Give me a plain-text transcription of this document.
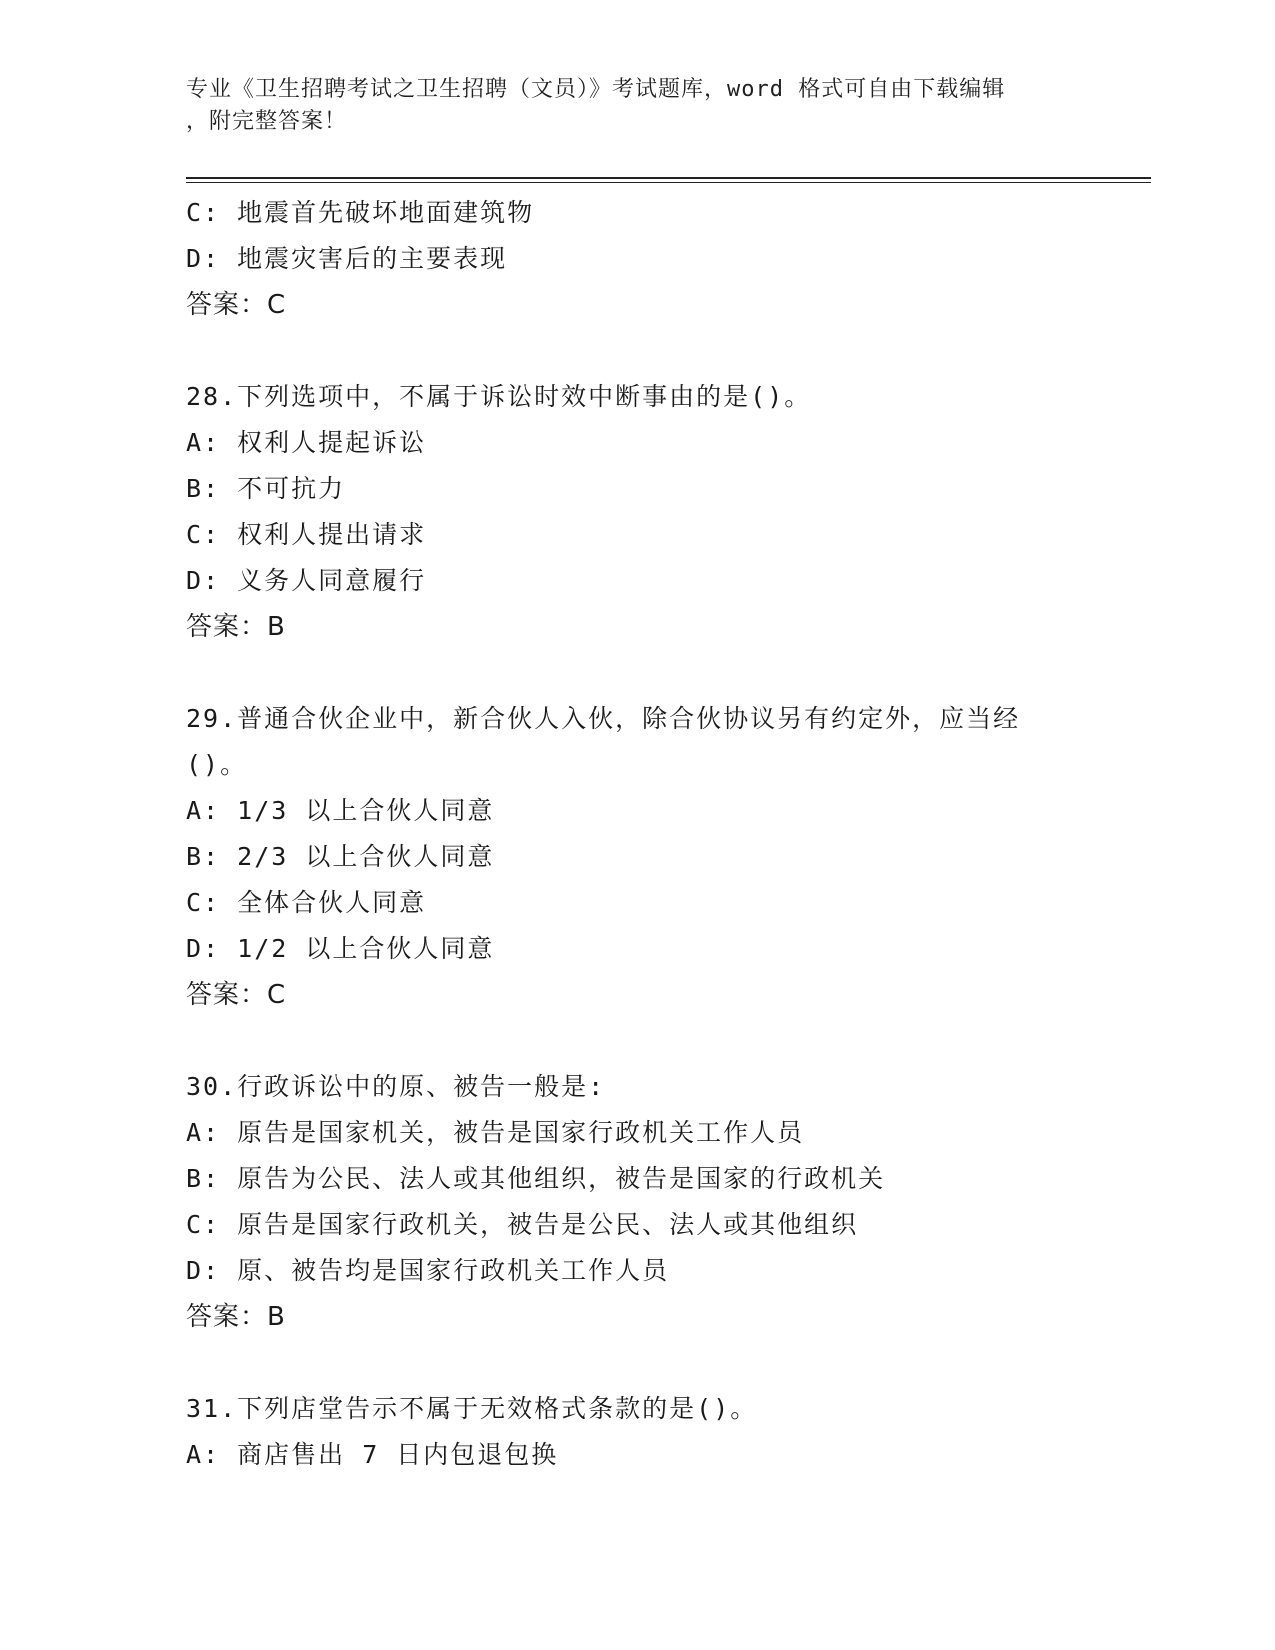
专业《卫生招聘考试之卫生招聘（文员）》考试题库，word 格式可自由下载编辑
，附完整答案！
C: 地震首先破坏地面建筑物
D: 地震灾害后的主要表现
答案：C
28.下列选项中，不属于诉讼时效中断事由的是()。
A: 权利人提起诉讼
B: 不可抗力
C: 权利人提出请求
D: 义务人同意履行
答案：B
29.普通合伙企业中，新合伙人入伙，除合伙协议另有约定外，应当经
()。
A: 1/3 以上合伙人同意
B: 2/3 以上合伙人同意
C: 全体合伙人同意
D: 1/2 以上合伙人同意
答案：C
30.行政诉讼中的原、被告一般是:
A: 原告是国家机关，被告是国家行政机关工作人员
B: 原告为公民、法人或其他组织，被告是国家的行政机关
C: 原告是国家行政机关，被告是公民、法人或其他组织
D: 原、被告均是国家行政机关工作人员
答案：B
31.下列店堂告示不属于无效格式条款的是()。
A: 商店售出 7 日内包退包换
